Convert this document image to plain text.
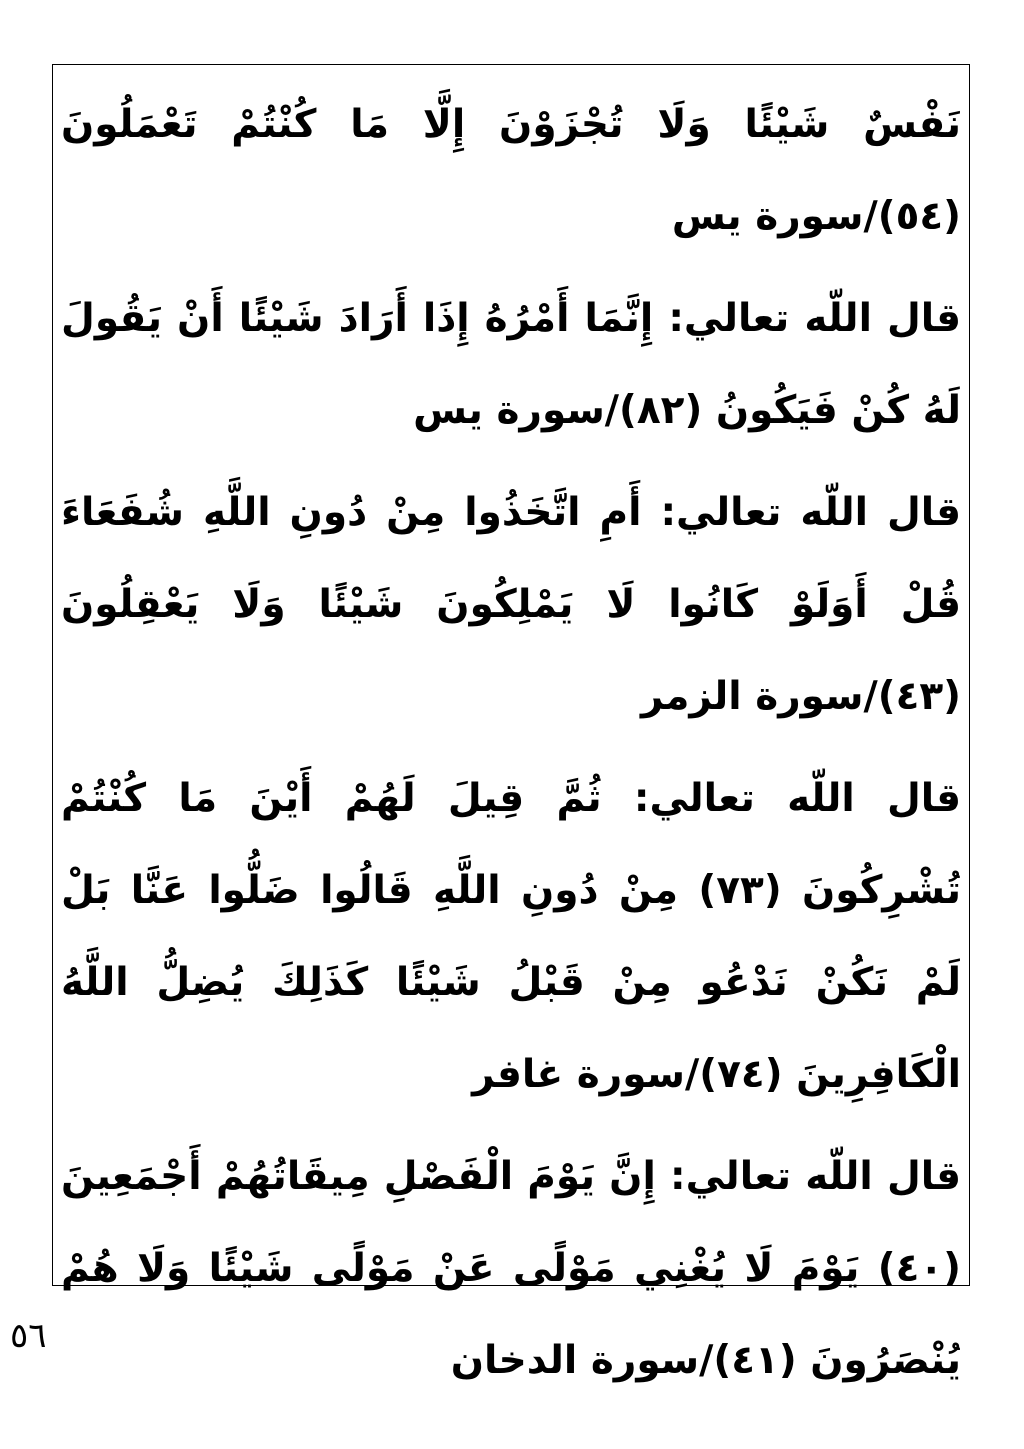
نَفْسٌ شَيْئًا وَلَا تُجْزَوْنَ إِلَّا مَا كُنْتُمْ تَعْمَلُونَ
(٥٤)/سورة يس
قال اللّه تعالي: إِنَّمَا أَمْرُهُ إِذَا أَرَادَ شَيْئًا أَنْ يَقُولَ
لَهُ كُنْ فَيَكُونُ (٨٢)/سورة يس
قال اللّه تعالي: أَمِ اتَّخَذُوا مِنْ دُونِ اللَّهِ شُفَعَاءَ
قُلْ أَوَلَوْ كَانُوا لَا يَمْلِكُونَ شَيْئًا وَلَا يَعْقِلُونَ
(٤٣)/سورة الزمر
قال اللّه تعالي: ثُمَّ قِيلَ لَهُمْ أَيْنَ مَا كُنْتُمْ
تُشْرِكُونَ (٧٣) مِنْ دُونِ اللَّهِ قَالُوا ضَلُّوا عَنَّا بَلْ
لَمْ نَكُنْ نَدْعُو مِنْ قَبْلُ شَيْئًا كَذَلِكَ يُضِلُّ اللَّهُ
الْكَافِرِينَ (٧٤)/سورة غافر
قال اللّه تعالي: إِنَّ يَوْمَ الْفَصْلِ مِيقَاتُهُمْ أَجْمَعِينَ
(٤٠) يَوْمَ لَا يُغْنِي مَوْلًى عَنْ مَوْلًى شَيْئًا وَلَا هُمْ
يُنْصَرُونَ (٤١)/سورة الدخان
٥٦
